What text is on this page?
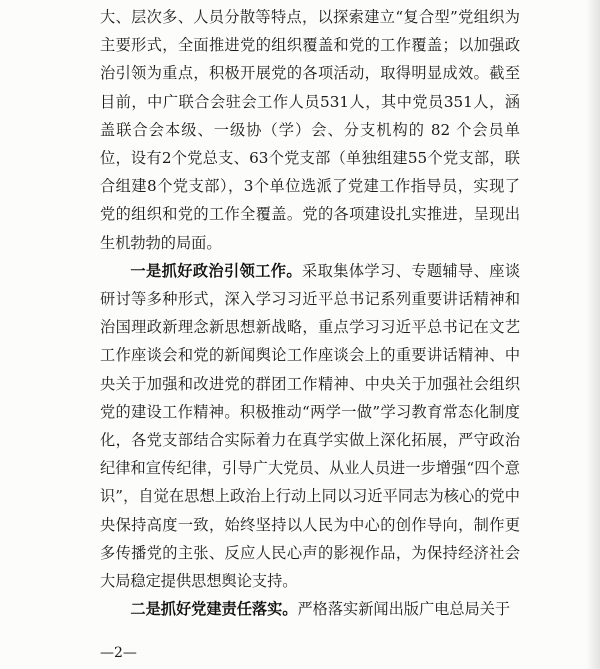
大、层次多、人员分散等特点，以探索建立“复合型”党组织为主要形式，全面推进党的组织覆盖和党的工作覆盖；以加强政治引领为重点，积极开展党的各项活动，取得明显成效。截至目前，中广联合会驻会工作人员531人，其中党员351人，涵盖联合会本级、一级协（学）会、分支机构的 82 个会员单位，设有2个党总支、63个党支部（单独组建55个党支部，联合组建8个党支部），3个单位选派了党建工作指导员，实现了党的组织和党的工作全覆盖。党的各项建设扎实推进，呈现出生机勃勃的局面。

一是抓好政治引领工作。采取集体学习、专题辅导、座谈研讨等多种形式，深入学习习近平总书记系列重要讲话精神和治国理政新理念新思想新战略，重点学习习近平总书记在文艺工作座谈会和党的新闻舆论工作座谈会上的重要讲话精神、中央关于加强和改进党的群团工作精神、中央关于加强社会组织党的建设工作精神。积极推动“两学一做”学习教育常态化制度化，各党支部结合实际着力在真学实做上深化拓展，严守政治纪律和宣传纪律，引导广大党员、从业人员进一步增强“四个意识”，自觉在思想上政治上行动上同以习近平同志为核心的党中央保持高度一致，始终坚持以人民为中心的创作导向，制作更多传播党的主张、反应人民心声的影视作品，为保持经济社会大局稳定提供思想舆论支持。

二是抓好党建责任落实。严格落实新闻出版广电总局关于

—2—
